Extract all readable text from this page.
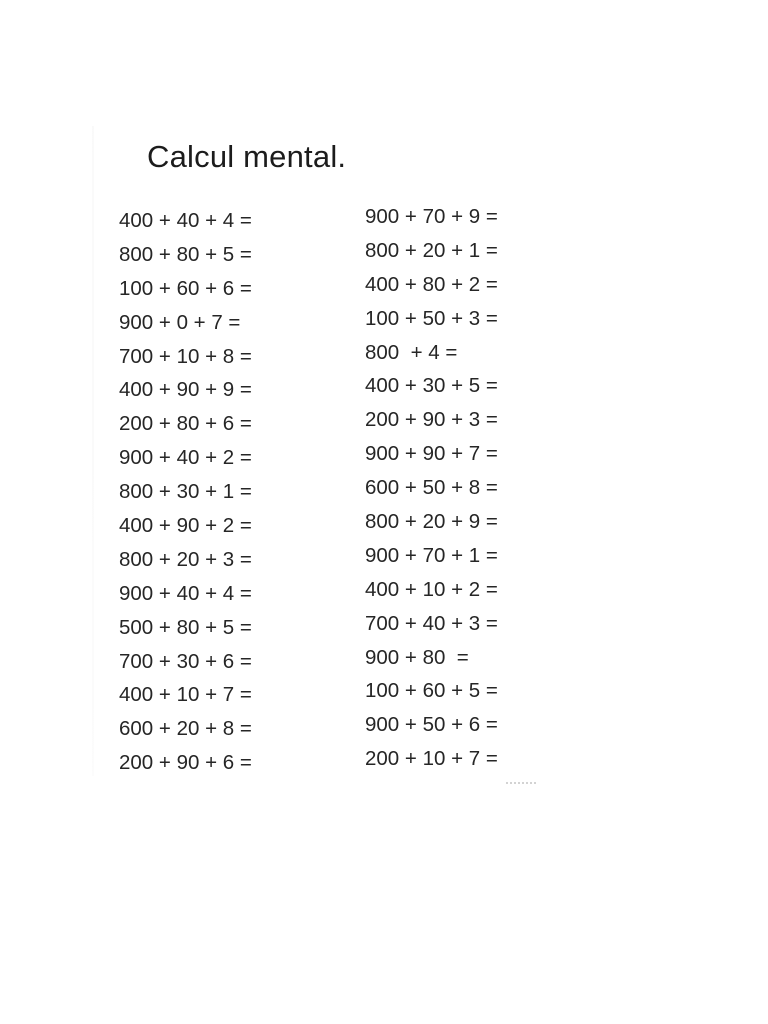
Calcul mental.
400 + 40 + 4 =
800 + 80 + 5 =
100 + 60 + 6 =
900 + 0 + 7 =
700 + 10 + 8 =
400 + 90 + 9 =
200 + 80 + 6 =
900 + 40 + 2 =
800 + 30 + 1 =
400 + 90 + 2 =
800 + 20 + 3 =
900 + 40 + 4 =
500 + 80 + 5 =
700 + 30 + 6 =
400 + 10 + 7 =
600 + 20 + 8 =
200 + 90 + 6 =
900 + 70 + 9 =
800 + 20 + 1 =
400 + 80 + 2 =
100 + 50 + 3 =
800  + 4 =
400 + 30 + 5 =
200 + 90 + 3 =
900 + 90 + 7 =
600 + 50 + 8 =
800 + 20 + 9 =
900 + 70 + 1 =
400 + 10 + 2 =
700 + 40 + 3 =
900 + 80  =
100 + 60 + 5 =
900 + 50 + 6 =
200 + 10 + 7 =
